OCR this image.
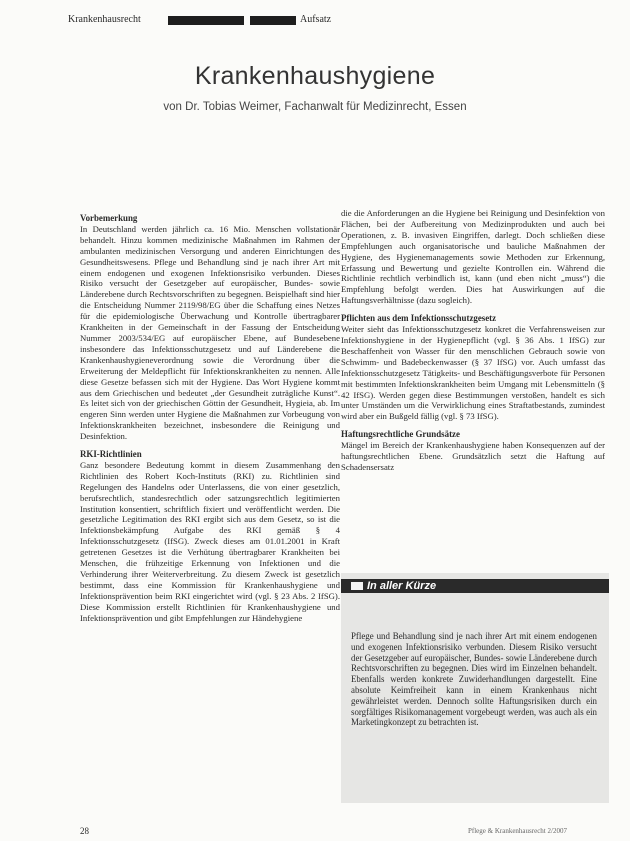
Krankenhausrecht	Aufsatz
Krankenhaushygiene
von Dr. Tobias Weimer, Fachanwalt für Medizinrecht, Essen
Vorbemerkung

In Deutschland werden jährlich ca. 16 Mio. Menschen vollstationär behandelt. Hinzu kommen medizinische Maßnahmen im Rahmen der ambulanten medizinischen Versorgung und anderen Einrichtungen des Gesundheitswesens. Pflege und Behandlung sind je nach ihrer Art mit einem endogenen und exogenen Infektionsrisiko verbunden. Dieses Risiko versucht der Gesetzgeber auf europäischer, Bundes- sowie Länderebene durch Rechtsvorschriften zu begegnen. Beispielhaft sind hier die Entscheidung Nummer 2119/98/EG über die Schaffung eines Netzes für die epidemiologische Überwachung und Kontrolle übertragbarer Krankheiten in der Gemeinschaft in der Fassung der Entscheidung Nummer 2003/534/EG auf europäischer Ebene, auf Bundesebene insbesondere das Infektionsschutzgesetz und auf Länderebene die Krankenhaushygieneverordnung sowie die Verordnung über die Erweiterung der Meldepflicht für Infektionskrankheiten zu nennen. Alle diese Gesetze befassen sich mit der Hygiene. Das Wort Hygiene kommt aus dem Griechischen und bedeutet „der Gesundheit zuträgliche Kunst“. Es leitet sich von der griechischen Göttin der Gesundheit, Hygieia, ab. Im engeren Sinn werden unter Hygiene die Maßnahmen zur Vorbeugung von Infektionskrankheiten bezeichnet, insbesondere die Reinigung und Desinfektion.

RKI-Richtlinien

Ganz besondere Bedeutung kommt in diesem Zusammenhang den Richtlinien des Robert Koch-Instituts (RKI) zu. Richtlinien sind Regelungen des Handelns oder Unterlassens, die von einer gesetzlich, berufsrechtlich, standesrechtlich oder satzungsrechtlich legitimierten Institution konsentiert, schriftlich fixiert und veröffentlicht werden. Die gesetzliche Legitimation des RKI ergibt sich aus dem Gesetz, so ist die Infektionsbekämpfung Aufgabe des RKI gemäß § 4 Infektionsschutzgesetz (IfSG). Zweck dieses am 01.01.2001 in Kraft getretenen Gesetzes ist die Verhütung übertragbarer Krankheiten bei Menschen, die frühzeitige Erkennung von Infektionen und die Verhinderung ihrer Weiterverbreitung. Zu diesem Zweck ist gesetzlich bestimmt, dass eine Kommission für Krankenhaushygiene und Infektionsprävention beim RKI eingerichtet wird (vgl. § 23 Abs. 2 IfSG). Diese Kommission erstellt Richtlinien für Krankenhaushygiene und Infektionsprävention und gibt Empfehlungen zur Händehygiene

die die Anforderungen an die Hygiene bei Reinigung und Desinfektion von Flächen, bei der Aufbereitung von Medizinprodukten und auch bei Operationen, z. B. invasiven Eingriffen, darlegt. Doch schließen diese Empfehlungen auch organisatorische und bauliche Maßnahmen der Hygiene, des Hygienemanagements sowie Methoden zur Erkennung, Erfassung und Bewertung und gezielte Kontrollen ein. Während die Richtlinie rechtlich verbindlich ist, kann (und eben nicht „muss“) die Empfehlung befolgt werden. Dies hat Auswirkungen auf die Haftungsverhältnisse (dazu sogleich).

Pflichten aus dem Infektionsschutzgesetz

Weiter sieht das Infektionsschutzgesetz konkret die Verfahrensweisen zur Infektionshygiene in der Hygienepflicht (vgl. § 36 Abs. 1 IfSG) zur Beschaffenheit von Wasser für den menschlichen Gebrauch sowie von Schwimm- und Badebeckenwasser (§ 37 IfSG) vor. Auch umfasst das Infektionsschutzgesetz Tätigkeits- und Beschäftigungsverbote für Personen mit bestimmten Infektionskrankheiten beim Umgang mit Lebensmitteln (§ 42 IfSG). Werden gegen diese Bestimmungen verstoßen, handelt es sich unter Umständen um die Verwirklichung eines Straftatbestands, zumindest wird aber ein Bußgeld fällig (vgl. § 73 IfSG).

Haftungsrechtliche Grundsätze

Mängel im Bereich der Krankenhaushygiene haben Konsequenzen auf der haftungsrechtlichen Ebene. Grundsätzlich setzt die Haftung auf Schadensersatz

In aller Kürze
Pflege und Behandlung sind je nach ihrer Art mit einem endogenen und exogenen Infektionsrisiko verbunden. Diesem Risiko versucht der Gesetzgeber auf europäischer, Bundes- sowie Länderebene durch Rechtsvorschriften zu begegnen. Dies wird im Einzelnen behandelt. Ebenfalls werden konkrete Zuwiderhandlungen dargestellt. Eine absolute Keimfreiheit kann in einem Krankenhaus nicht gewährleistet werden. Dennoch sollte Haftungsrisiken durch ein sorgfältiges Risikomanagement vorgebeugt werden, was auch als ein Marketingkonzept zu betrachten ist.
28	Pflege & Krankenhausrecht 2/2007
